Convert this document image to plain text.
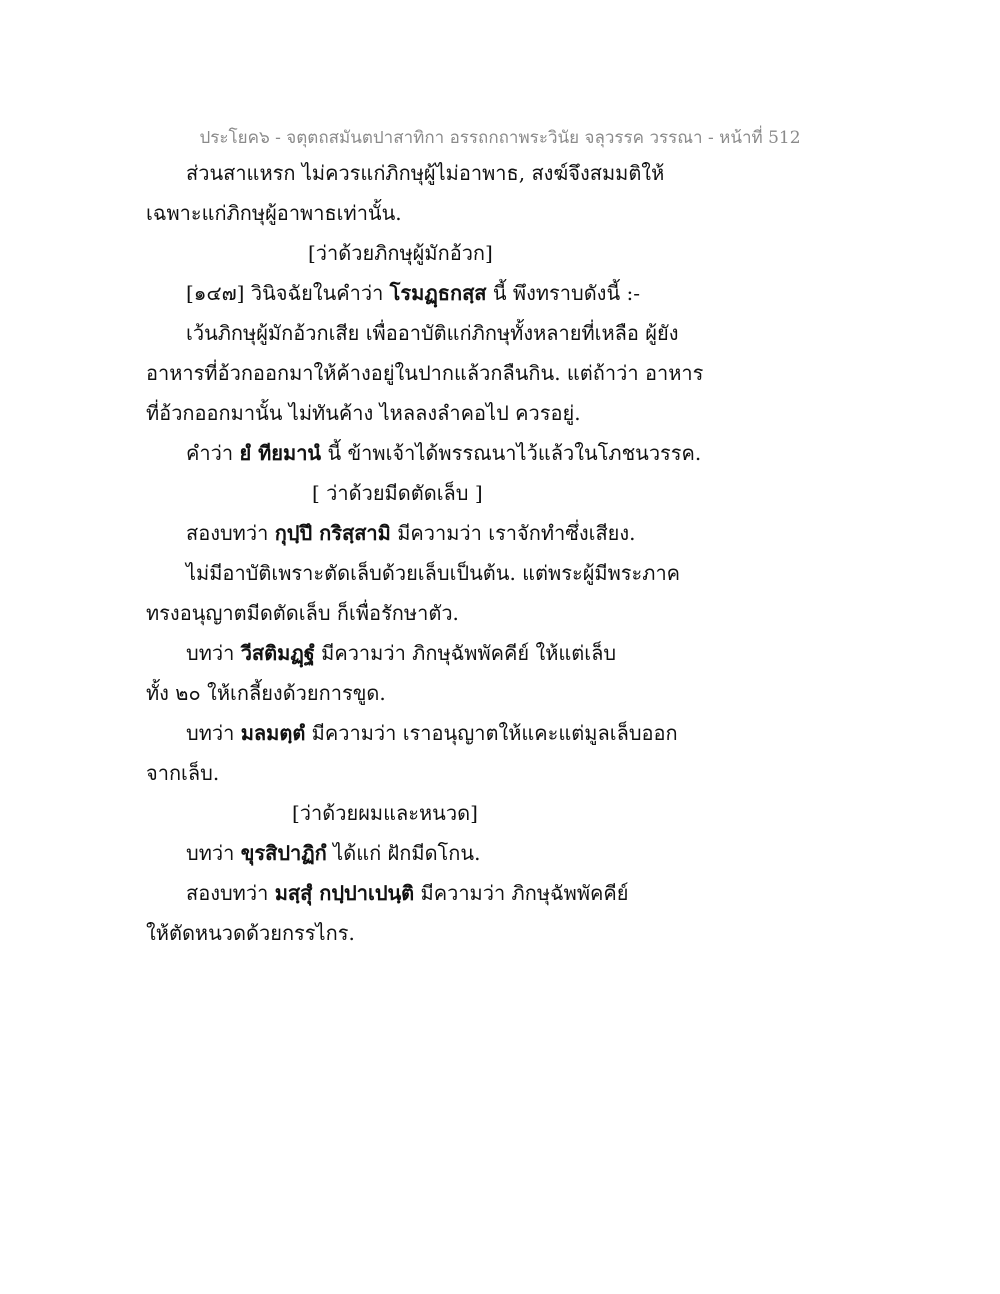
ประโยค๖ - จตุตถสมันตปาสาทิกา อรรถกถาพระวินัย จลุวรรค วรรณา - หน้าที่ 512
ส่วนสาแหรก ไม่ควรแก่ภิกษุผู้ไม่อาพาธ, สงฆ์จึงสมมติให้
เฉพาะแก่ภิกษุผู้อาพาธเท่านั้น.
[ว่าด้วยภิกษุผู้มักอ้วก]
[๑๔๗] วินิจฉัยในคำว่า โรมฏฺธกสฺส นี้ พึงทราบดังนี้ :-
เว้นภิกษุผู้มักอ้วกเสีย เพื่ออาบัติแก่ภิกษุทั้งหลายที่เหลือ ผู้ยัง
อาหารที่อ้วกออกมาให้ค้างอยู่ในปากแล้วกลืนกิน. แต่ถ้าว่า อาหาร
ที่อ้วกออกมานั้น ไม่ทันค้าง ไหลลงลำคอไป ควรอยู่.
คำว่า ยํ ทียมานํ นี้ ข้าพเจ้าได้พรรณนาไว้แล้วในโภชนวรรค.
[ ว่าด้วยมีดตัดเล็บ ]
สองบทว่า กุปฺปึ กริสฺสามิ มีความว่า เราจักทำซึ่งเสียง.
ไม่มีอาบัติเพราะตัดเล็บด้วยเล็บเป็นต้น. แต่พระผู้มีพระภาค
ทรงอนุญาตมีดตัดเล็บ ก็เพื่อรักษาตัว.
บทว่า วีสติมฏฺฐํ มีความว่า ภิกษุฉัพพัคคีย์ ให้แต่เล็บ
ทั้ง ๒๐ ให้เกลี้ยงด้วยการขูด.
บทว่า มลมตฺตํ มีความว่า เราอนุญาตให้แคะแต่มูลเล็บออก
จากเล็บ.
[ว่าด้วยผมและหนวด]
บทว่า ขุรสิปาฏิกํ ได้แก่ ฝักมีดโกน.
สองบทว่า มสฺสุํ กปฺปาเปนฺติ มีความว่า ภิกษุฉัพพัคคีย์
ให้ตัดหนวดด้วยกรรไกร.
